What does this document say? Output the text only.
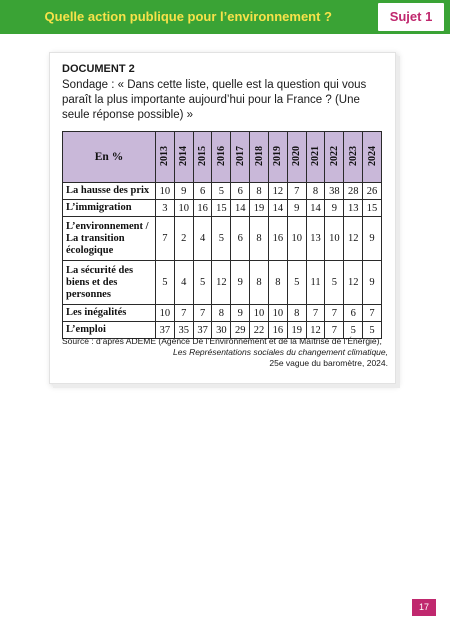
Quelle action publique pour l’environnement ?	Sujet 1
DOCUMENT 2
Sondage : « Dans cette liste, quelle est la question qui vous paraît la plus importante aujourd’hui pour la France ? (Une seule réponse possible) »
En %	2013	2014	2015	2016	2017	2018	2019	2020	2021	2022	2023	2024
La hausse des prix	10	9	6	5	6	8	12	7	8	38	28	26
L’immigration	3	10	16	15	14	19	14	9	14	9	13	15
L’environnement / La transition écologique	7	2	4	5	6	8	16	10	13	10	12	9
La sécurité des biens et des personnes	5	4	5	12	9	8	8	5	11	5	12	9
Les inégalités	10	7	7	8	9	10	10	8	7	7	6	7
L’emploi	37	35	37	30	29	22	16	19	12	7	5	5
Source : d’après ADEME (Agence De l’Environnement et de la Maîtrise de l’Énergie),
Les Représentations sociales du changement climatique,
25e vague du baromètre, 2024.
17
